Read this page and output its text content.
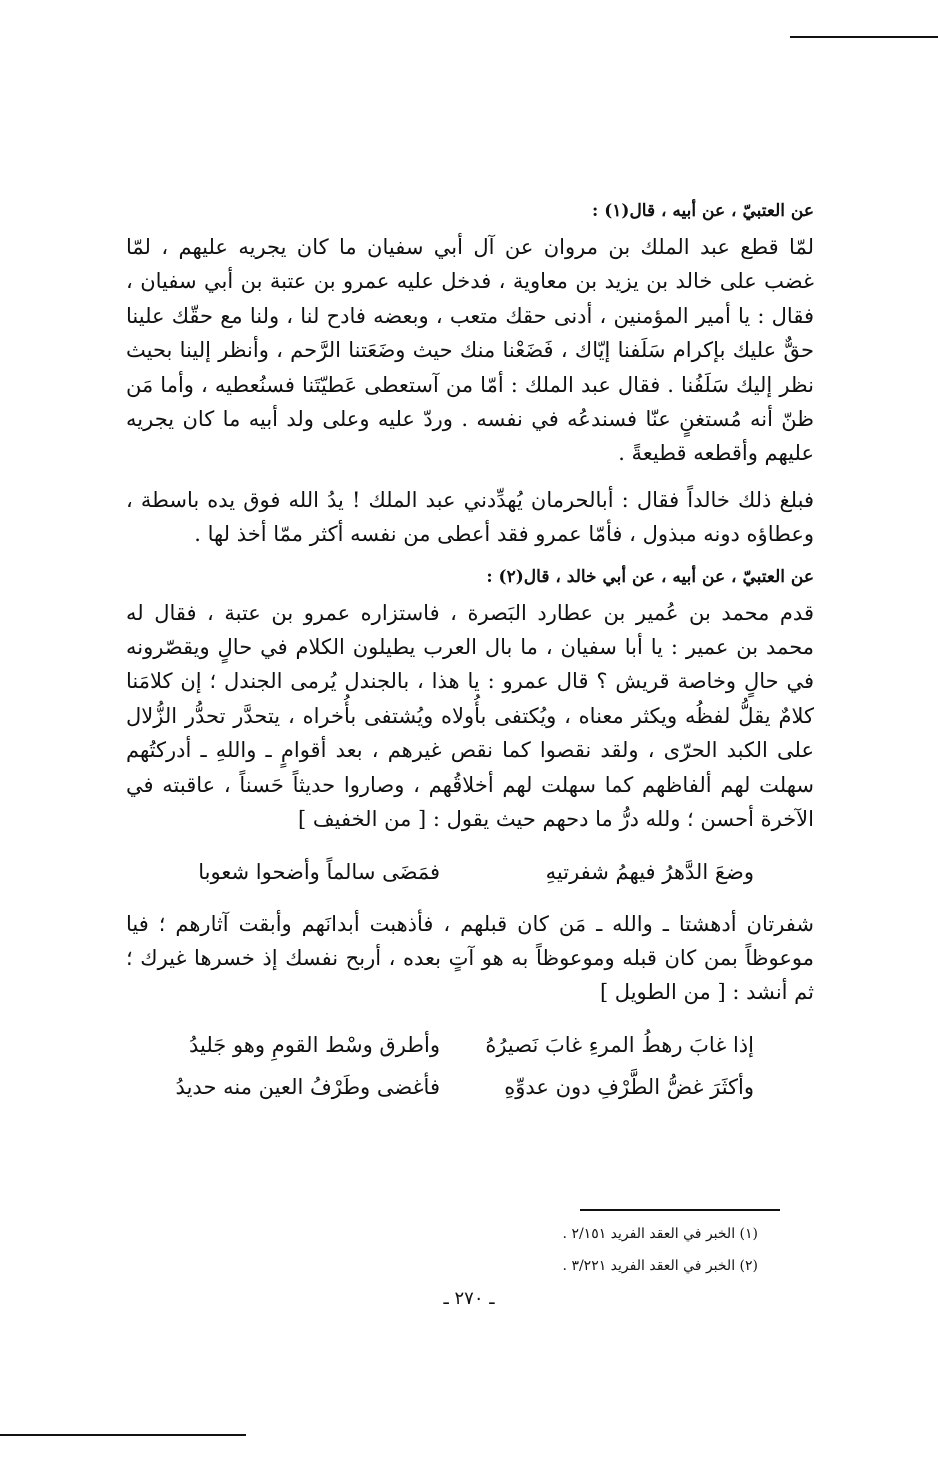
عن العتبيّ ، عن أبيه ، قال(١) :

لمّا قطع عبد الملك بن مروان عن آل أبي سفيان ما كان يجريه عليهم ، لمّا غضب على خالد بن يزيد بن معاوية ، فدخل عليه عمرو بن عتبة بن أبي سفيان ، فقال : يا أمير المؤمنين ، أدنى حقك متعب ، وبعضه فادح لنا ، ولنا مع حقّك علينا حقٌّ عليك بإكرام سَلَفنا إيّاك ، فَضَعْنا منك حيث وضَعَتنا الرَّحم ، وأنظر إلينا بحيث نظر إليك سَلَفُنا . فقال عبد الملك : أمّا من آستعطى عَطيّتَنا فسنُعطيه ، وأما مَن ظنّ أنه مُستغنٍ عنّا فسندعُه في نفسه . وردّ عليه وعلى ولد أبيه ما كان يجريه عليهم وأقطعه قطيعةً .

فبلغ ذلك خالداً فقال : أبالحرمان يُهدِّدني عبد الملك ! يدُ الله فوق يده باسطة ، وعطاؤه دونه مبذول ، فأمّا عمرو فقد أعطى من نفسه أكثر ممّا أخذ لها .

عن العتبيّ ، عن أبيه ، عن أبي خالد ، قال(٢) :

قدم محمد بن عُمير بن عطارد البَصرة ، فاستزاره عمرو بن عتبة ، فقال له محمد بن عمير : يا أبا سفيان ، ما بال العرب يطيلون الكلام في حالٍ ويقصّرونه في حالٍ وخاصة قريش ؟ قال عمرو : يا هذا ، بالجندل يُرمى الجندل ؛ إن كلامَنا كلامٌ يقلُّ لفظُه ويكثر معناه ، ويُكتفى بأُولاه ويُشتفى بأُخراه ، يتحدَّر تحدُّر الزُّلال على الكبد الحرّى ، ولقد نقصوا كما نقص غيرهم ، بعد أقوامٍ ـ واللهِ ـ أدركتُهم سهلت لهم ألفاظهم كما سهلت لهم أخلاقُهم ، وصاروا حديثاً حَسناً ، عاقبته في الآخرة أحسن ؛ ولله درُّ ما دحهم حيث يقول : [ من الخفيف ]

وضعَ الدَّهرُ فيهمُ شفرتيهِ
فمَضَى سالماً وأضحوا شعوبا

شفرتان أدهشتا ـ والله ـ مَن كان قبلهم ، فأذهبت أبدانَهم وأبقت آثارهم ؛ فيا موعوظاً بمن كان قبله وموعوظاً به هو آتٍ بعده ، أربح نفسك إذ خسرها غيرك ؛ ثم أنشد : [ من الطويل ]

إذا غابَ رهطُ المرءِ غابَ نَصيرُهُ
وأطرق وسْط القومِ وهو جَليدُ
وأكثَرَ غضُّ الطَّرْفِ دون عدوِّهِ
فأغضى وطَرْفُ العين منه حديدُ

(١) الخبر في العقد الفريد ٢/١٥١ .

(٢) الخبر في العقد الفريد ٣/٢٢١ .

ـ ٢٧٠ ـ
